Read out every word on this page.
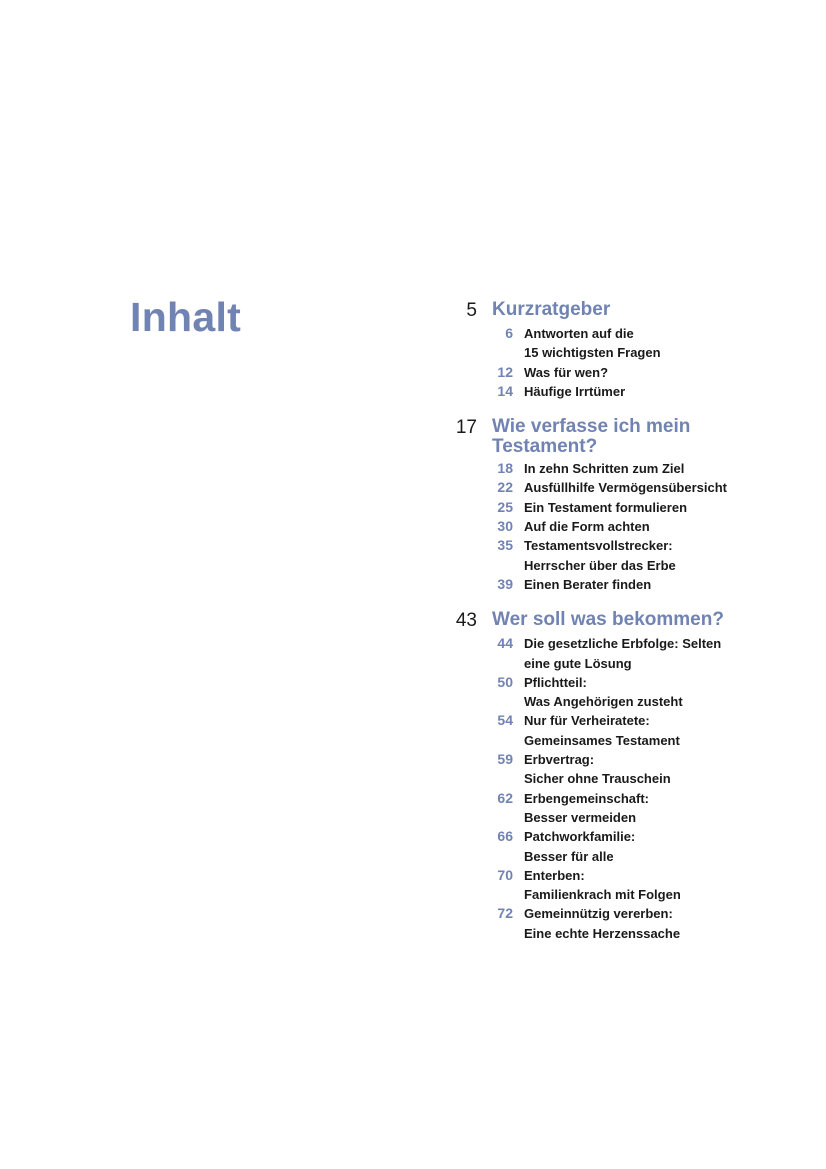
Inhalt	5 Kurzratgeber
6 Antworten auf die
15 wichtigsten Fragen
12 Was für wen?
14 Häufige Irrtümer
17 Wie verfasse ich mein Testament?
18 In zehn Schritten zum Ziel
22 Ausfüllhilfe Vermögensübersicht
25 Ein Testament formulieren
30 Auf die Form achten
35 Testamentsvollstrecker:
Herrscher über das Erbe
39 Einen Berater finden
43 Wer soll was bekommen?
44 Die gesetzliche Erbfolge: Selten
eine gute Lösung
50 Pflichtteil:
Was Angehörigen zusteht
54 Nur für Verheiratete:
Gemeinsames Testament
59 Erbvertrag:
Sicher ohne Trauschein
62 Erbengemeinschaft:
Besser vermeiden
66 Patchworkfamilie:
Besser für alle
70 Enterben:
Familienkrach mit Folgen
72 Gemeinnützig vererben:
Eine echte Herzenssache
